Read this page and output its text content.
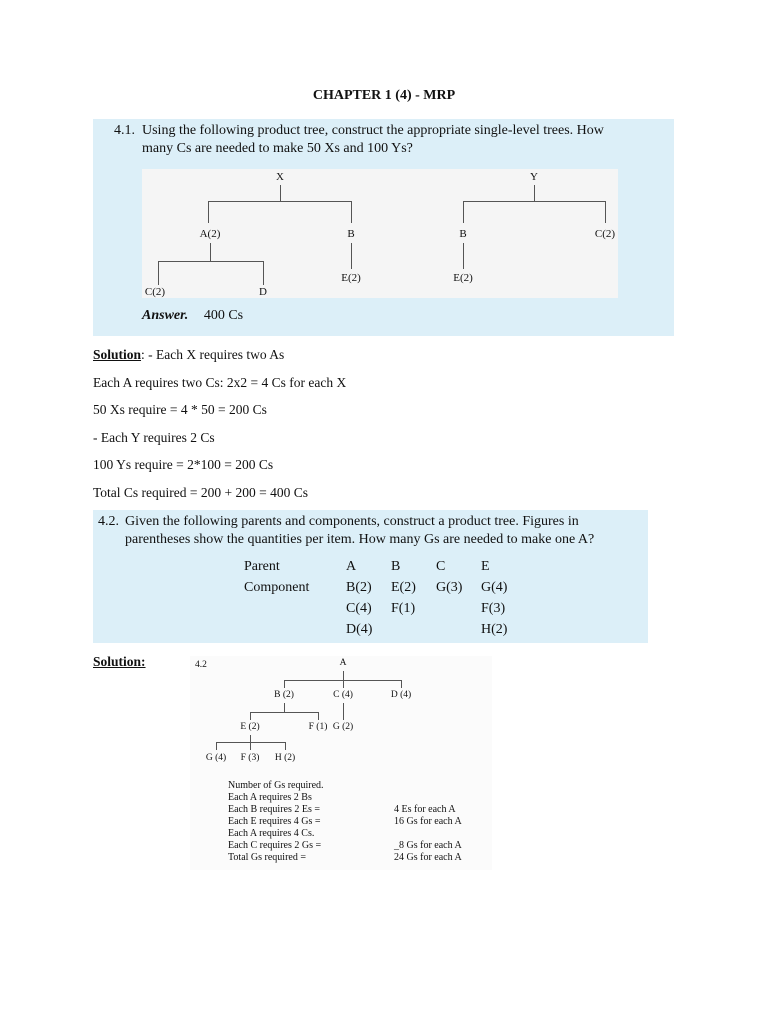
CHAPTER 1 (4) - MRP
4.1. Using the following product tree, construct the appropriate single-level trees. How
many Cs are needed to make 50 Xs and 100 Ys?
X
A(2)	B
E(2)
C(2)	D
Y
B	C(2)
E(2)
Answer. 400 Cs
Solution: - Each X requires two As
Each A requires two Cs: 2x2 = 4 Cs for each X
50 Xs require = 4 * 50 = 200 Cs
- Each Y requires 2 Cs
100 Ys require = 2*100 = 200 Cs
Total Cs required = 200 + 200 = 400 Cs
4.2. Given the following parents and components, construct a product tree. Figures in
parentheses show the quantities per item. How many Gs are needed to make one A?
Parent	A	B	C	E
Component	B(2)	E(2)	G(3)	G(4)
	C(4)	F(1)		F(3)
	D(4)			H(2)
Solution:	4.2	A
B (2)	C (4)	D (4)
E (2)	F (1) G (2)
G (4) F (3) H (2)
Number of Gs required.	
Each A requires 2 Bs	
Each B requires 2 Es =	4 Es for each A
Each E requires 4 Gs =	16 Gs for each A
Each A requires 4 Cs.	
Each C requires 2 Gs =	_8 Gs for each A
Total Gs required =	24 Gs for each A
